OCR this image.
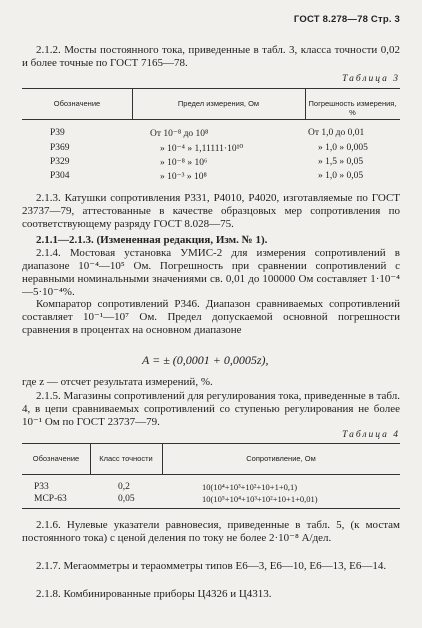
ГОСТ 8.278—78 Стр. 3

2.1.2. Мосты постоянного тока, приведенные в табл. 3, класса точности 0,02 и более точные по ГОСТ 7165—78.

Таблица 3
Обозначение	Предел измерения, Ом	Погрешность измерения, %
Р39	От 10⁻⁸ до 10⁸	От 1,0 до 0,01
Р369	» 10⁻⁴ » 1,11111·10¹⁰	» 1,0 » 0,005
Р329	» 10⁻⁸ » 10⁶	» 1,5 » 0,05
Р304	» 10⁻³ » 10⁸	» 1,0 » 0,05

2.1.3. Катушки сопротивления Р331, Р4010, Р4020, изготавляемые по ГОСТ 23737—79, аттестованные в качестве образцовых мер сопротивления по соответствующему разряду ГОСТ 8.028—75.

2.1.1—2.1.3. (Измененная редакция, Изм. № 1).

2.1.4. Мостовая установка УМИС-2 для измерения сопротивлений в диапазоне 10⁻⁴—10⁵ Ом. Погрешность при сравнении сопротивлений с неравными номинальными значениями св. 0,01 до 100000 Ом составляет 1·10⁻⁴—5·10⁻⁴%.

Компаратор сопротивлений Р346. Диапазон сравниваемых сопротивлений составляет 10⁻¹—10⁷ Ом. Предел допускаемой основной погрешности сравнения в процентах на основном диапазоне

A = ± (0,0001 + 0,0005z),

где z — отсчет результата измерений, %.

2.1.5. Магазины сопротивлений для регулирования тока, приведенные в табл. 4, в цепи сравниваемых сопротивлений со ступенью регулирования не более 10⁻¹ Ом по ГОСТ 23737—79.

Таблица 4
Обозначение	Класс точности	Сопротивление, Ом
Р33	0,2	10(10⁴+10³+10²+10+1+0,1)
МСР-63	0,05	10(10⁵+10⁴+10³+10²+10+1+0,01)

2.1.6. Нулевые указатели равновесия, приведенные в табл. 5, (к мостам постоянного тока) с ценой деления по току не более 2·10⁻⁸ А/дел.

2.1.7. Мегаомметры и тераомметры типов Е6—3, Е6—10, Е6—13, Е6—14.

2.1.8. Комбинированные приборы Ц4326 и Ц4313.
